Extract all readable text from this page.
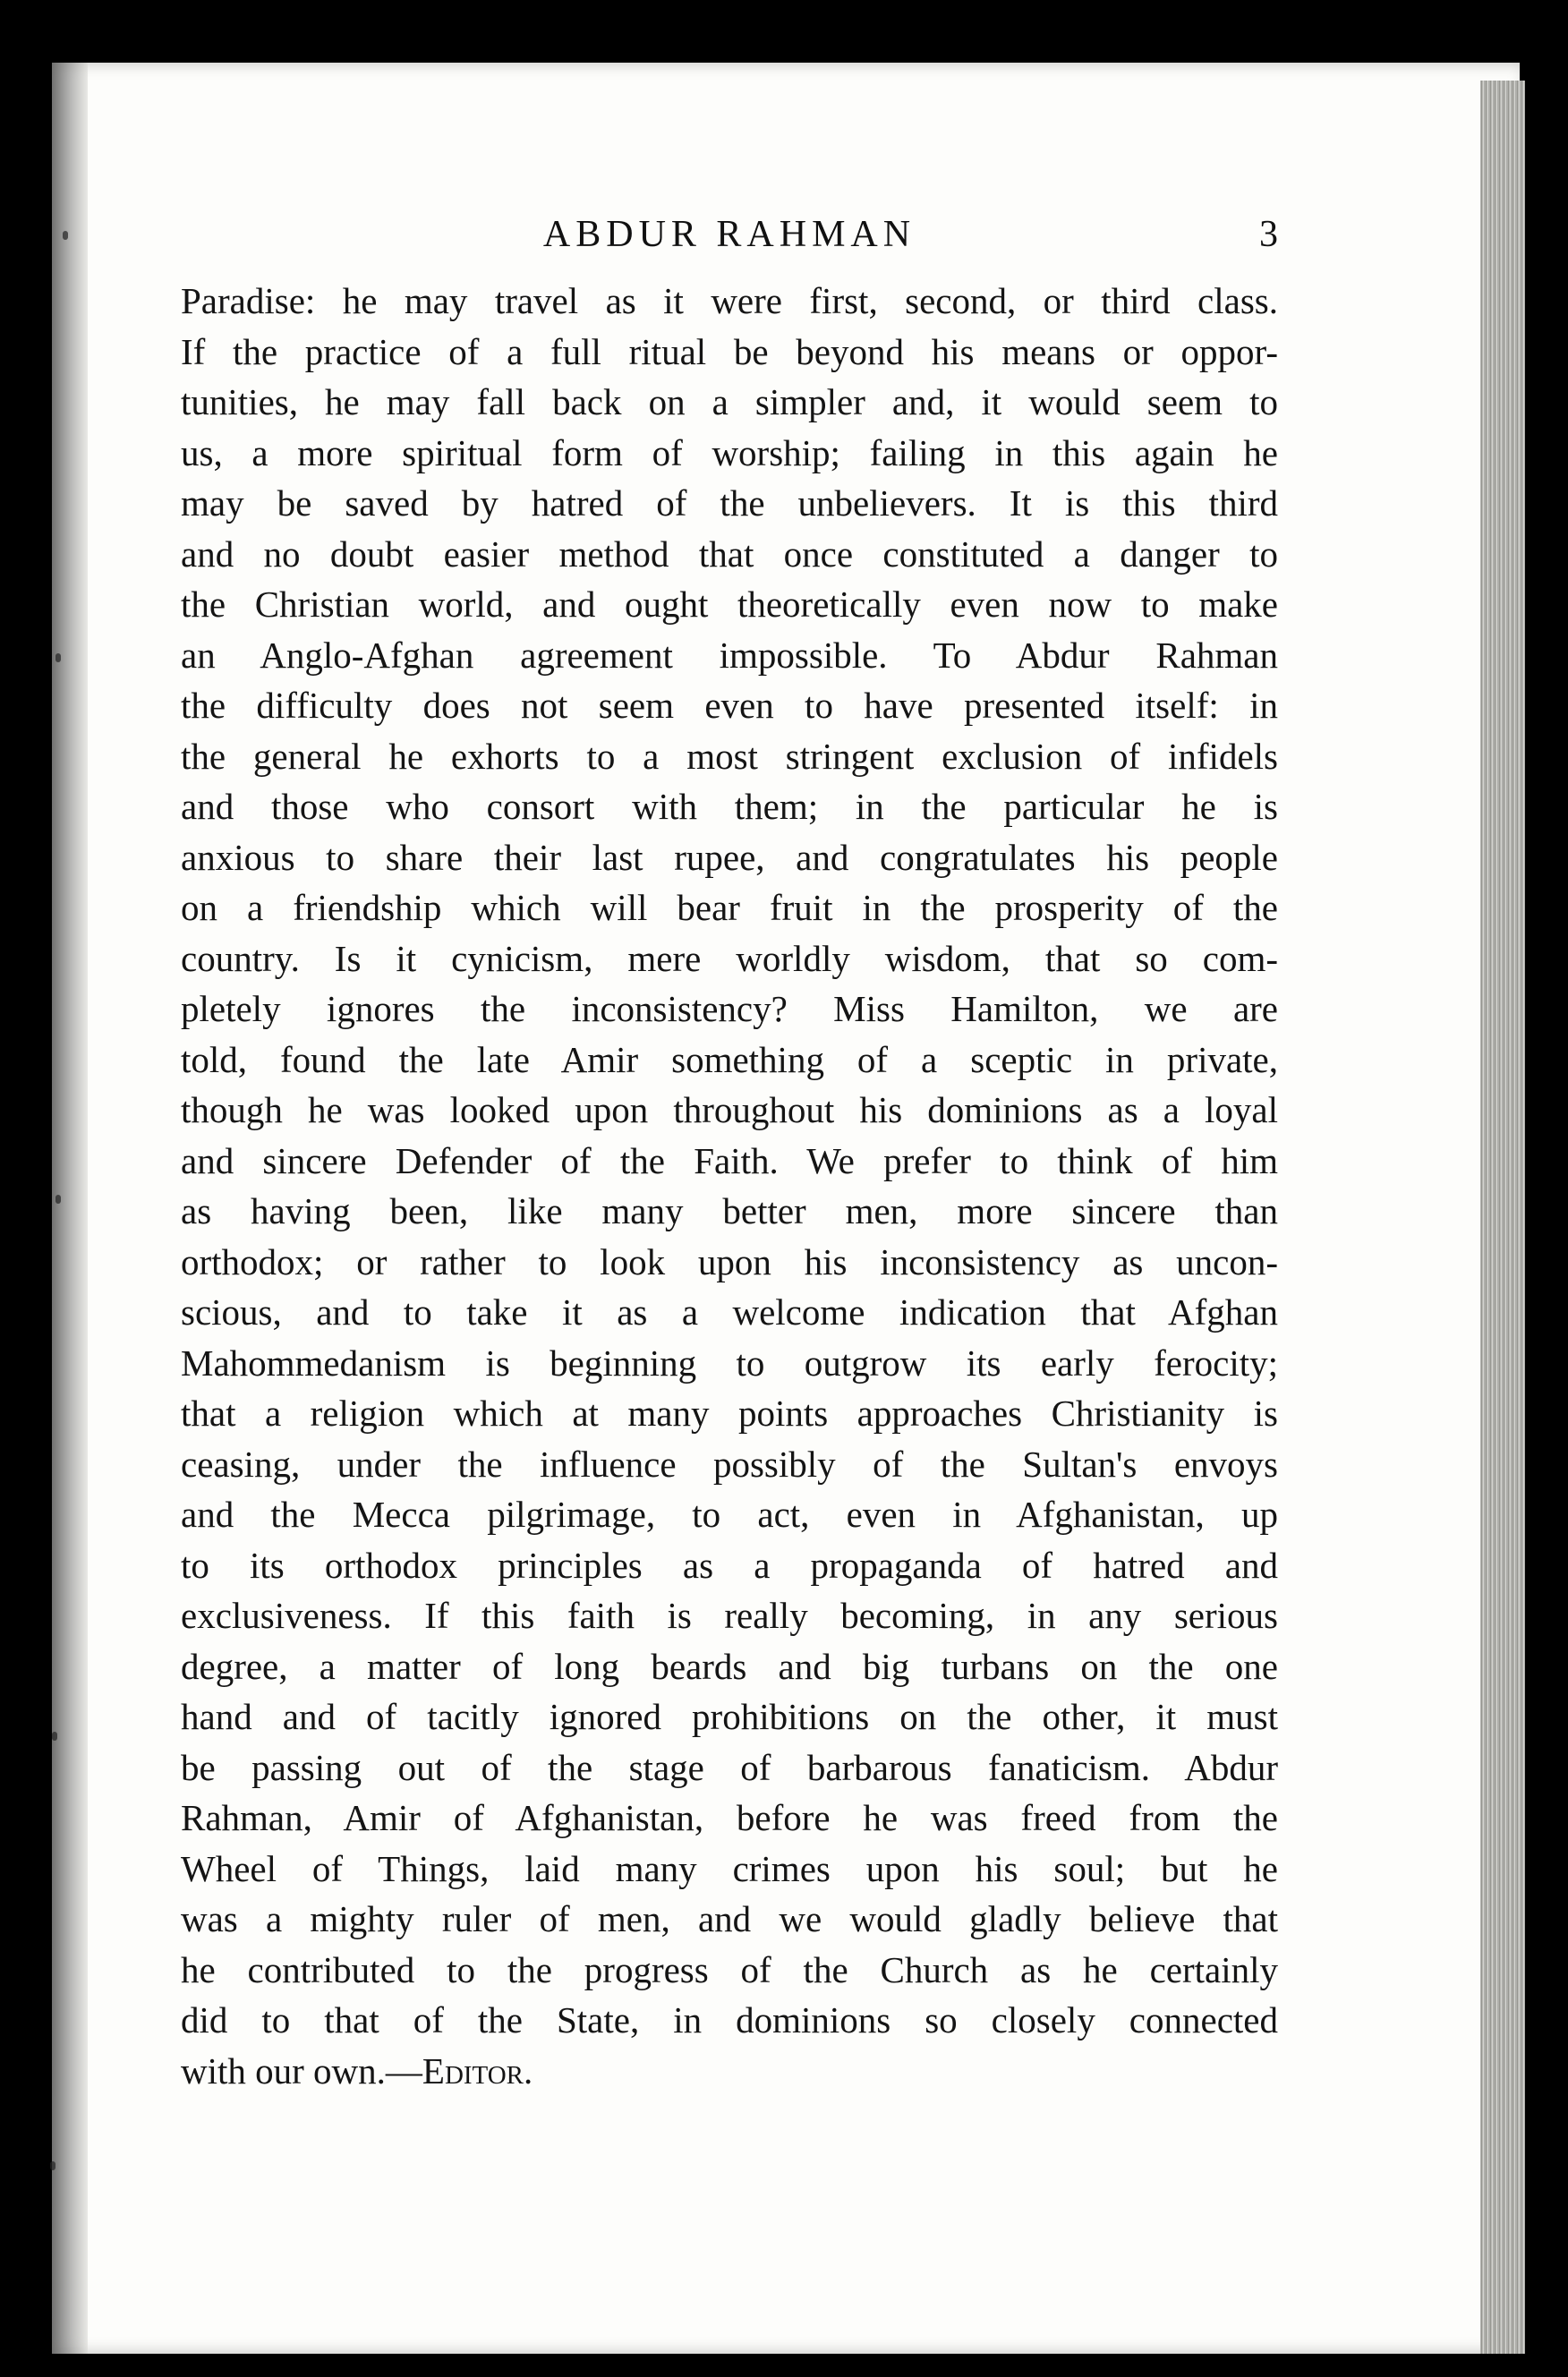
ABDUR RAHMAN	3
Paradise: he may travel as it were first, second, or third class.
If the practice of a full ritual be beyond his means or oppor-
tunities, he may fall back on a simpler and, it would seem to
us, a more spiritual form of worship; failing in this again he
may be saved by hatred of the unbelievers. It is this third
and no doubt easier method that once constituted a danger to
the Christian world, and ought theoretically even now to make
an Anglo-Afghan agreement impossible. To Abdur Rahman
the difficulty does not seem even to have presented itself: in
the general he exhorts to a most stringent exclusion of infidels
and those who consort with them; in the particular he is
anxious to share their last rupee, and congratulates his people
on a friendship which will bear fruit in the prosperity of the
country. Is it cynicism, mere worldly wisdom, that so com-
pletely ignores the inconsistency? Miss Hamilton, we are
told, found the late Amir something of a sceptic in private,
though he was looked upon throughout his dominions as a loyal
and sincere Defender of the Faith. We prefer to think of him
as having been, like many better men, more sincere than
orthodox; or rather to look upon his inconsistency as uncon-
scious, and to take it as a welcome indication that Afghan
Mahommedanism is beginning to outgrow its early ferocity;
that a religion which at many points approaches Christianity is
ceasing, under the influence possibly of the Sultan's envoys
and the Mecca pilgrimage, to act, even in Afghanistan, up
to its orthodox principles as a propaganda of hatred and
exclusiveness. If this faith is really becoming, in any serious
degree, a matter of long beards and big turbans on the one
hand and of tacitly ignored prohibitions on the other, it must
be passing out of the stage of barbarous fanaticism. Abdur
Rahman, Amir of Afghanistan, before he was freed from the
Wheel of Things, laid many crimes upon his soul; but he
was a mighty ruler of men, and we would gladly believe that
he contributed to the progress of the Church as he certainly
did to that of the State, in dominions so closely connected
with our own.—Editor.
